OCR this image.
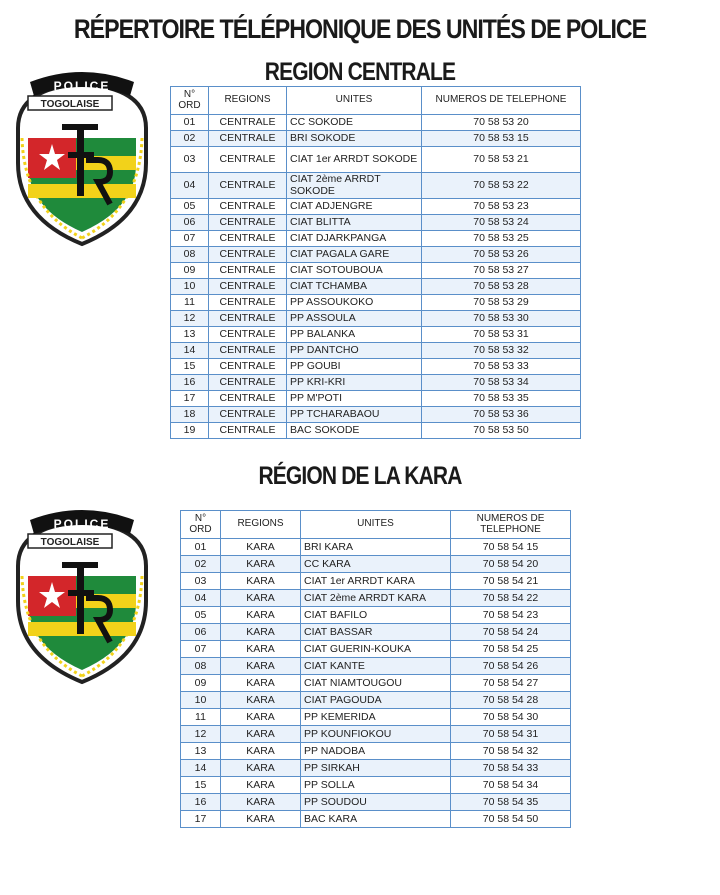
RÉPERTOIRE TÉLÉPHONIQUE DES UNITÉS DE POLICE
REGION CENTRALE
TOGOLAISE
POLICE
N° ORD	REGIONS	UNITES	NUMEROS DE TELEPHONE
01	CENTRALE	CC SOKODE	70 58 53 20
02	CENTRALE	BRI SOKODE	70 58 53 15
03	CENTRALE	CIAT 1er ARRDT SOKODE	70 58 53 21
04	CENTRALE	CIAT 2ème ARRDT SOKODE	70 58 53 22
05	CENTRALE	CIAT ADJENGRE	70 58 53 23
06	CENTRALE	CIAT BLITTA	70 58 53 24
07	CENTRALE	CIAT DJARKPANGA	70 58 53 25
08	CENTRALE	CIAT PAGALA GARE	70 58 53 26
09	CENTRALE	CIAT SOTOUBOUA	70 58 53 27
10	CENTRALE	CIAT TCHAMBA	70 58 53 28
11	CENTRALE	PP ASSOUKOKO	70 58 53 29
12	CENTRALE	PP ASSOULA	70 58 53 30
13	CENTRALE	PP BALANKA	70 58 53 31
14	CENTRALE	PP DANTCHO	70 58 53 32
15	CENTRALE	PP GOUBI	70 58 53 33
16	CENTRALE	PP KRI-KRI	70 58 53 34
17	CENTRALE	PP M'POTI	70 58 53 35
18	CENTRALE	PP TCHARABAOU	70 58 53 36
19	CENTRALE	BAC SOKODE	70 58 53 50
RÉGION DE LA KARA
TOGOLAISE
POLICE	N° ORD	REGIONS	UNITES	NUMEROS DE TELEPHONE
01	KARA	BRI KARA	70 58 54 15
02	KARA	CC KARA	70 58 54 20
03	KARA	CIAT 1er ARRDT KARA	70 58 54 21
04	KARA	CIAT 2ème ARRDT KARA	70 58 54 22
05	KARA	CIAT BAFILO	70 58 54 23
06	KARA	CIAT BASSAR	70 58 54 24
07	KARA	CIAT GUERIN-KOUKA	70 58 54 25
08	KARA	CIAT KANTE	70 58 54 26
09	KARA	CIAT NIAMTOUGOU	70 58 54 27
10	KARA	CIAT PAGOUDA	70 58 54 28
11	KARA	PP KEMERIDA	70 58 54 30
12	KARA	PP KOUNFIOKOU	70 58 54 31
13	KARA	PP NADOBA	70 58 54 32
14	KARA	PP SIRKAH	70 58 54 33
15	KARA	PP SOLLA	70 58 54 34
16	KARA	PP SOUDOU	70 58 54 35
17	KARA	BAC KARA	70 58 54 50
